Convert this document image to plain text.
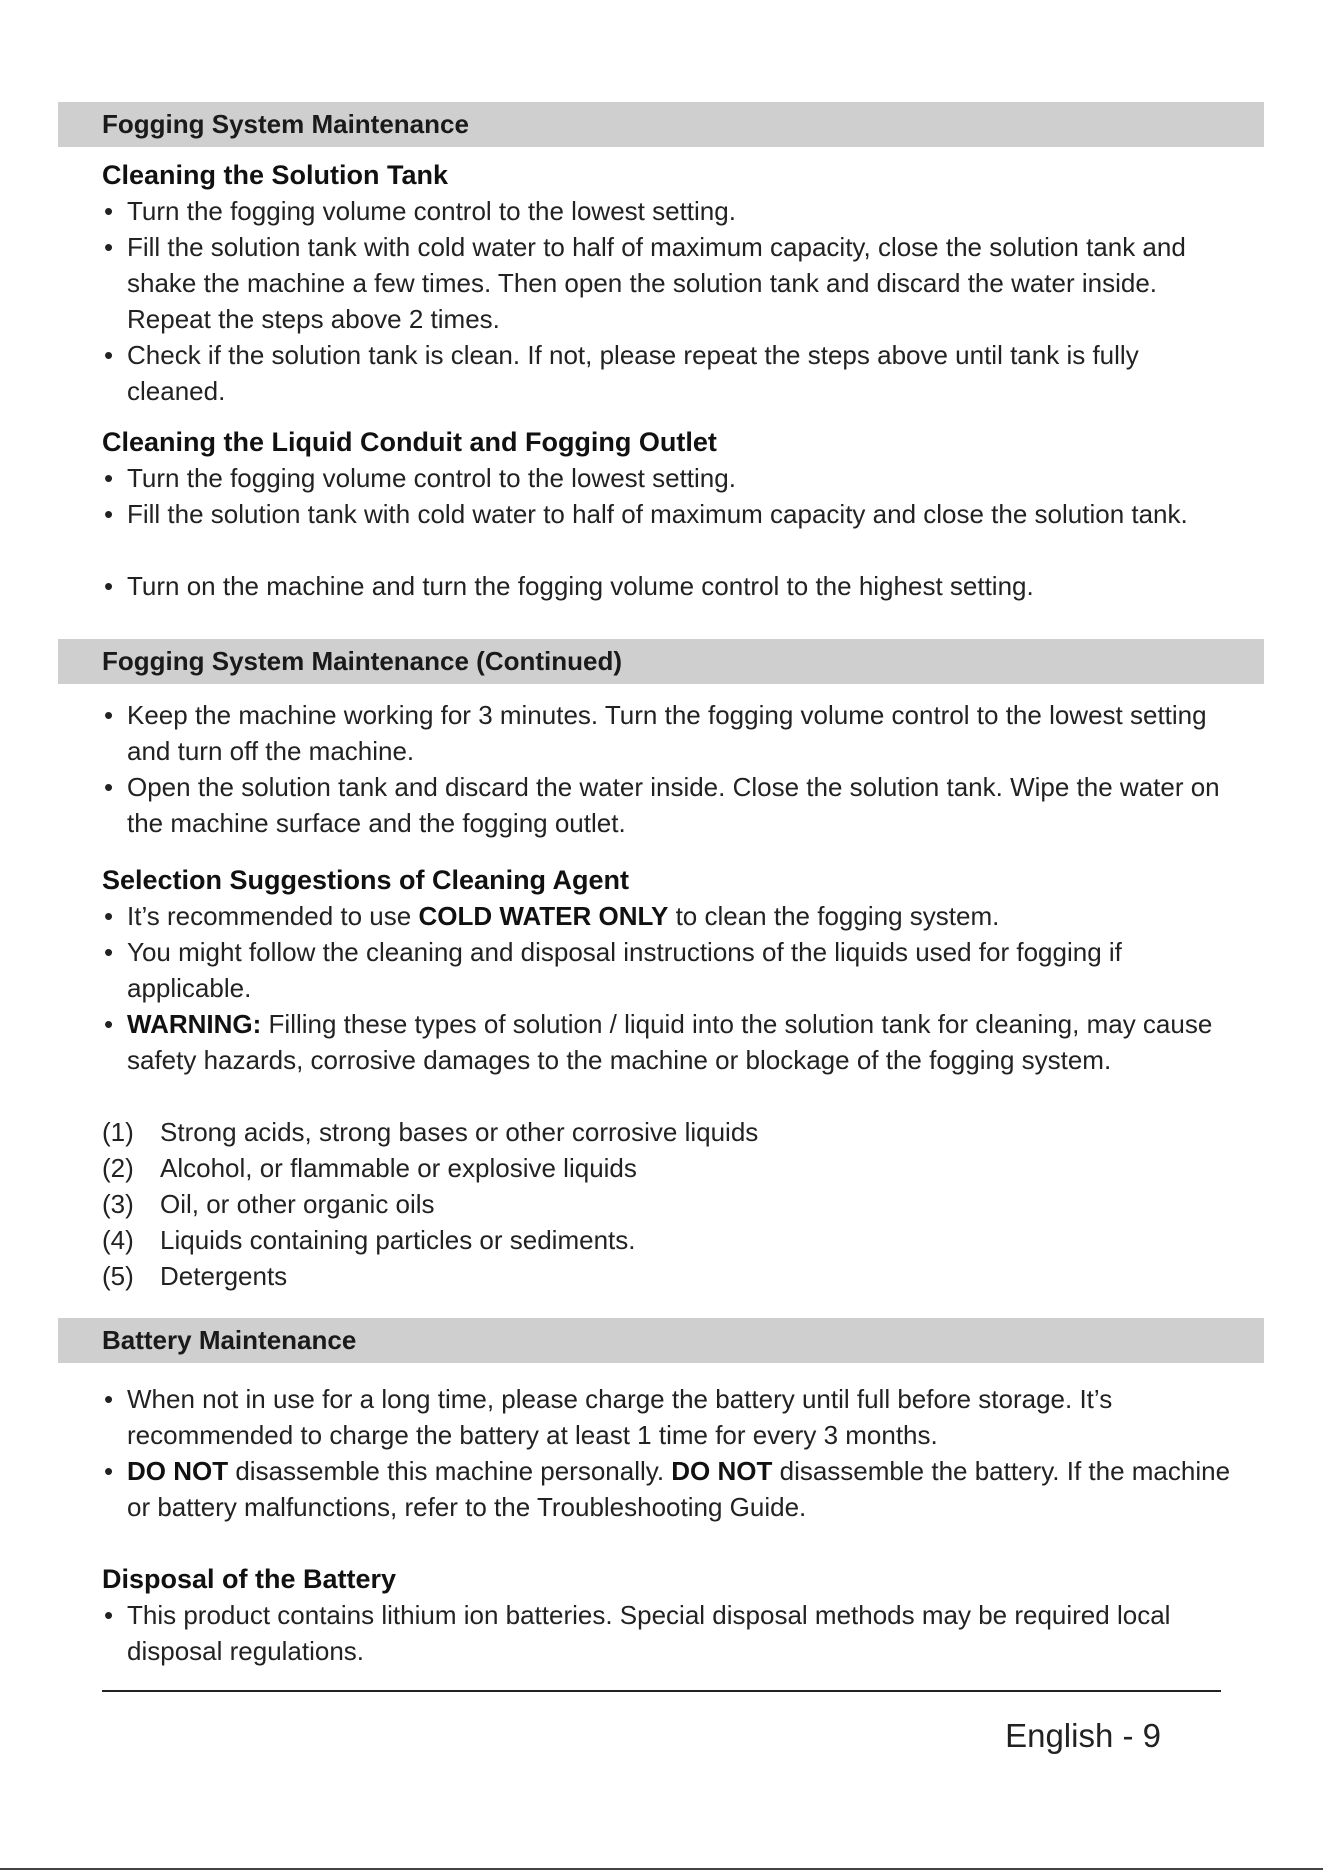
Fogging System Maintenance
Cleaning the Solution Tank
• Turn the fogging volume control to the lowest setting.
• Fill the solution tank with cold water to half of maximum capacity, close the solution tank and shake the machine a few times. Then open the solution tank and discard the water inside. Repeat the steps above 2 times.
• Check if the solution tank is clean. If not, please repeat the steps above until tank is fully cleaned.
Cleaning the Liquid Conduit and Fogging Outlet
• Turn the fogging volume control to the lowest setting.
• Fill the solution tank with cold water to half of maximum capacity and close the solution tank.
• Turn on the machine and turn the fogging volume control to the highest setting.
Fogging System Maintenance (Continued)
• Keep the machine working for 3 minutes. Turn the fogging volume control to the lowest setting and turn off the machine.
• Open the solution tank and discard the water inside. Close the solution tank. Wipe the water on the machine surface and the fogging outlet.
Selection Suggestions of Cleaning Agent
• It’s recommended to use COLD WATER ONLY to clean the fogging system.
• You might follow the cleaning and disposal instructions of the liquids used for fogging if applicable.
• WARNING: Filling these types of solution / liquid into the solution tank for cleaning, may cause safety hazards, corrosive damages to the machine or blockage of the fogging system.
(1) Strong acids, strong bases or other corrosive liquids
(2) Alcohol, or flammable or explosive liquids
(3) Oil, or other organic oils
(4) Liquids containing particles or sediments.
(5) Detergents
Battery Maintenance
• When not in use for a long time, please charge the battery until full before storage. It’s recommended to charge the battery at least 1 time for every 3 months.
• DO NOT disassemble this machine personally. DO NOT disassemble the battery. If the machine or battery malfunctions, refer to the Troubleshooting Guide.
Disposal of the Battery
• This product contains lithium ion batteries. Special disposal methods may be required local disposal regulations.
English - 9
